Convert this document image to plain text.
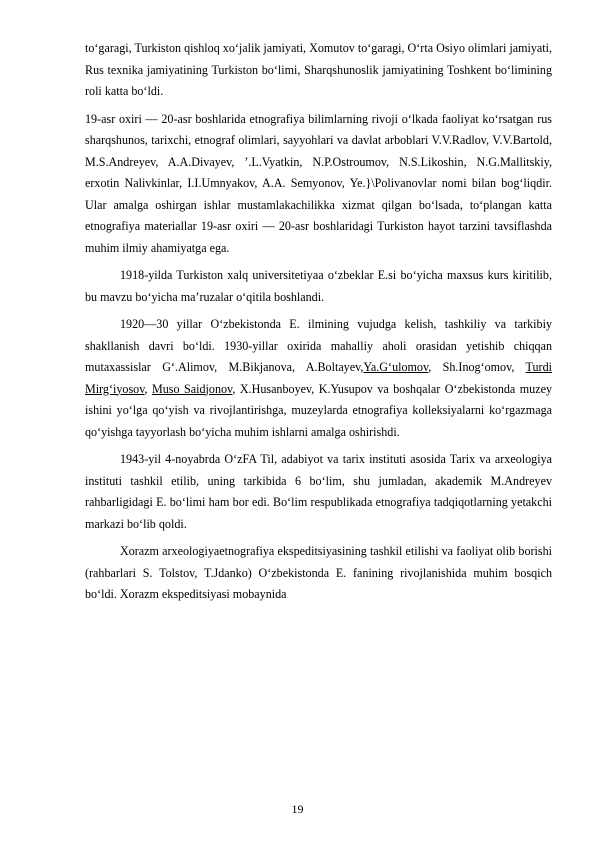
to‘garagi, Turkiston qishloq xo‘jalik jamiyati, Xomutov to‘garagi, O‘rta Osiyo olimlari jamiyati, Rus texnika jamiyatining Turkiston bo‘limi, Sharqshunoslik jamiyatining Toshkent bo‘limining roli katta bo‘ldi.

19-asr oxiri — 20-asr boshlarida etnografiya bilimlarning rivoji o‘lkada faoliyat ko‘rsatgan rus sharqshunos, tarixchi, etnograf olimlari, sayyohlari va davlat arboblari V.V.Radlov, V.V.Bartold, M.S.Andreyev, A.A.Divayev, ’.L.Vyatkin, N.P.Ostroumov, N.S.Likoshin, N.G.Mallitskiy, erxotin Nalivkinlar, I.I.Umnyakov, A.A. Semyonov, Ye.}\Polivanovlar nomi bilan bog‘liqdir. Ular amalga oshirgan ishlar mustamlakachilikka xizmat qilgan bo‘lsada, to‘plangan katta etnografiya materiallar 19-asr oxiri — 20-asr boshlaridagi Turkiston hayot tarzini tavsiflashda muhim ilmiy ahamiyatga ega.

1918-yilda Turkiston xalq universitetiyaa o‘zbeklar E.si bo‘yicha maxsus kurs kiritilib, bu mavzu bo‘yicha ma’ruzalar o‘qitila boshlandi.

1920—30 yillar O‘zbekistonda E. ilmining vujudga kelish, tashkiliy va tarkibiy shakllanish davri bo‘ldi. 1930-yillar oxirida mahalliy aholi orasidan yetishib chiqqan mutaxassislar G‘.Alimov, M.Bikjanova, A.Boltayev,Ya.G‘ulomov, Sh.Inog‘omov, Turdi Mirg‘iyosov, Muso Saidjonov, X.Husanboyev, K.Yusupov va boshqalar O‘zbekistonda muzey ishini yo‘lga qo‘yish va rivojlantirishga, muzeylarda etnografiya kolleksiyalarni ko‘rgazmaga qo‘yishga tayyorlash bo‘yicha muhim ishlarni amalga oshirishdi.

1943-yil 4-noyabrda O‘zFA Til, adabiyot va tarix instituti asosida Tarix va arxeologiya instituti tashkil etilib, uning tarkibida 6 bo‘lim, shu jumladan, akademik M.Andreyev rahbarligidagi E. bo‘limi ham bor edi. Bo‘lim respublikada etnografiya tadqiqotlarning yetakchi markazi bo‘lib qoldi.

Xorazm arxeologiyaetnografiya ekspeditsiyasining tashkil etilishi va faoliyat olib borishi (rahbarlari S. Tolstov, T.Jdanko) O‘zbekistonda E. fanining rivojlanishida muhim bosqich bo‘ldi. Xorazm ekspeditsiyasi mobaynida

19
